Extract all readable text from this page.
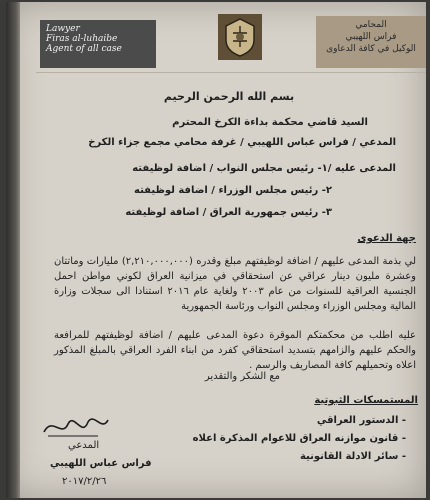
Lawyer
Firas al-luhaibe
Agent of all case
المحامي
فراس اللهيبي
الوكيل في كافة الدعاوى
بسم الله الرحمن الرحيم
السيد قاضي محكمة بداءة الكرخ المحترم
المدعي / فراس عباس اللهيبي / غرفة محامي مجمع جزاء الكرخ
المدعى عليه /١- رئيس مجلس النواب / اضافة لوظيفته
٢- رئيس مجلس الوزراء / اضافة لوظيفته
٣- رئيس جمهورية العراق / اضافة لوظيفته
جهة الدعوى
لي بذمة المدعى عليهم / اضافة لوظيفتهم مبلغ وقدره (٢,٢١٠,٠٠٠,٠٠٠) مليارات وماتتان وعشرة مليون دينار عراقي عن استحقاقي في ميزانية العراق لكوني مواطن احمل الجنسية العراقية للسنوات من عام ٢٠٠٣ ولغاية عام ٢٠١٦ استنادا الى سجلات وزارة المالية ومجلس الوزراء ومجلس النواب ورئاسة الجمهورية
عليه اطلب من محكمتكم الموقرة دعوة المدعى عليهم / اضافة لوظيفتهم للمرافعة والحكم عليهم والزامهم بتسديد استحقاقي كفرد من ابناء الفرد العراقي بالمبلغ المذكور اعلاه وتحميلهم كافة المصاريف والرسم .
مع الشكر والتقدير
المستمسكات الثبوتية
- الدستور العراقي
- قانون موازنه العراق للاعوام المذكرة اعلاه
- سائر الادلة القانونية
المدعي
فراس عباس اللهيبي
٢٠١٧/٢/٢٦
